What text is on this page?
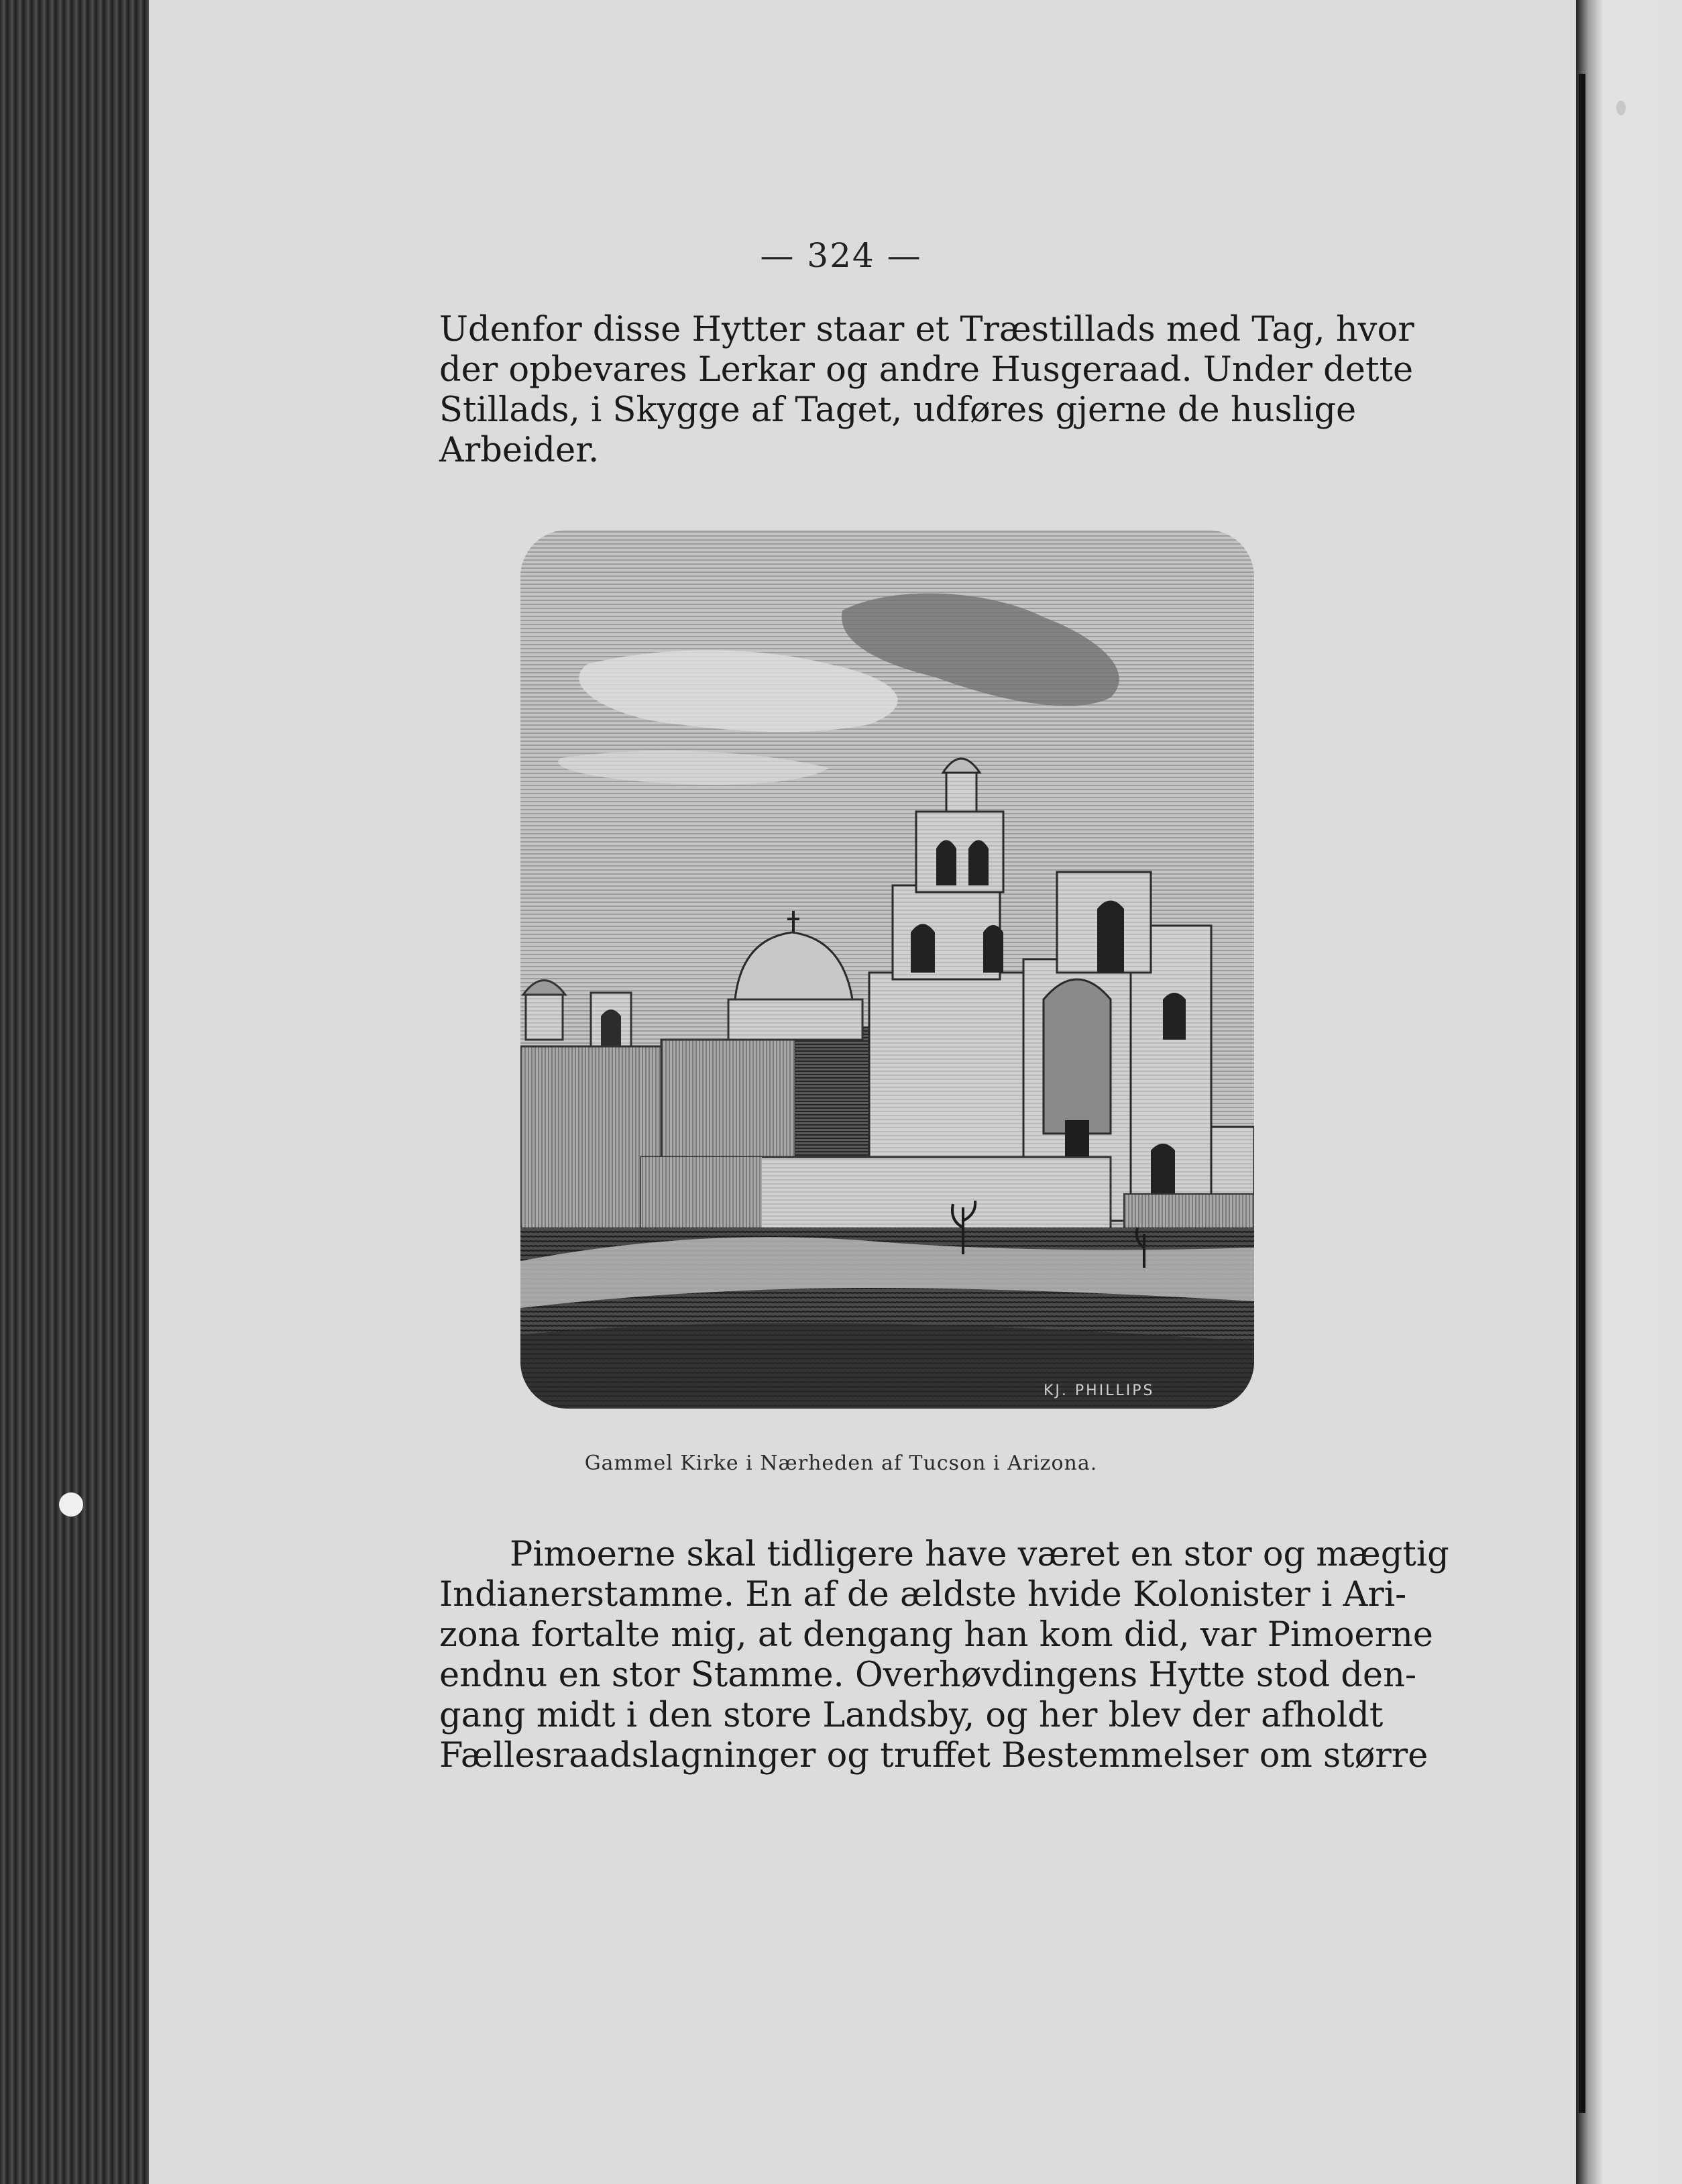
— 324 —
Udenfor disse Hytter staar et Træstillads med Tag, hvor
der opbevares Lerkar og andre Husgeraad. Under dette
Stillads, i Skygge af Taget, udføres gjerne de huslige
Arbeider.
KJ. PHILLIPS
Gammel Kirke i Nærheden af Tucson i Arizona.
Pimoerne skal tidligere have været en stor og mægtig
Indianerstamme. En af de ældste hvide Kolonister i Ari-
zona fortalte mig, at dengang han kom did, var Pimoerne
endnu en stor Stamme. Overhøvdingens Hytte stod den-
gang midt i den store Landsby, og her blev der afholdt
Fællesraadslagninger og truffet Bestemmelser om større
